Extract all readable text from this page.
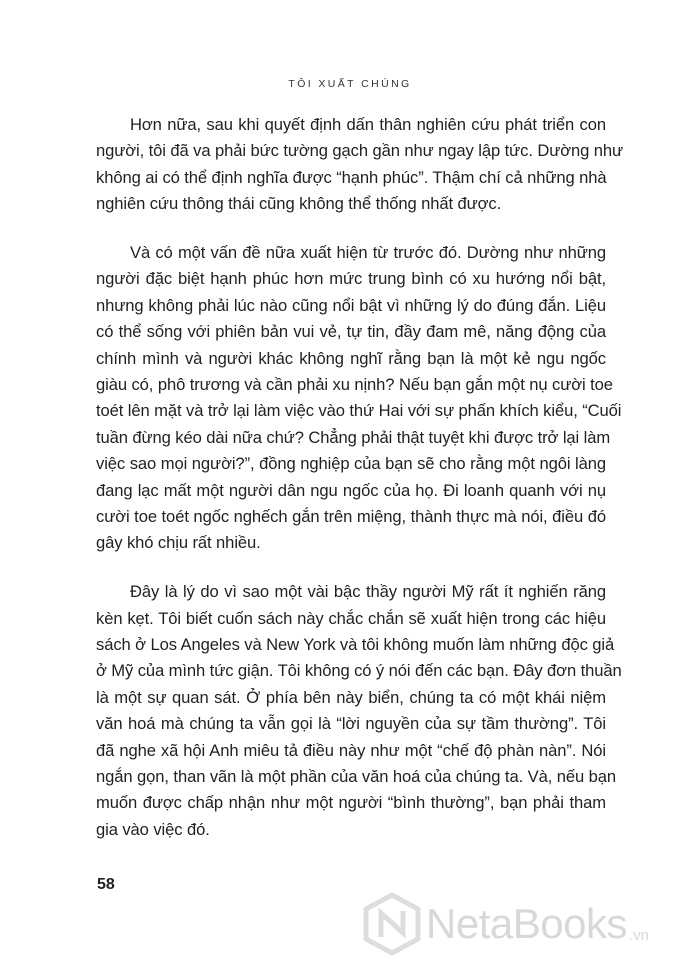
TÔI XUẤT CHÚNG
Hơn nữa, sau khi quyết định dấn thân nghiên cứu phát triển con
người, tôi đã va phải bức tường gạch gần như ngay lập tức. Dường như
không ai có thể định nghĩa được “hạnh phúc”. Thậm chí cả những nhà
nghiên cứu thông thái cũng không thể thống nhất được.
Và có một vấn đề nữa xuất hiện từ trước đó. Dường như những
người đặc biệt hạnh phúc hơn mức trung bình có xu hướng nổi bật,
nhưng không phải lúc nào cũng nổi bật vì những lý do đúng đắn. Liệu
có thể sống với phiên bản vui vẻ, tự tin, đầy đam mê, năng động của
chính mình và người khác không nghĩ rằng bạn là một kẻ ngu ngốc
giàu có, phô trương và cần phải xu nịnh? Nếu bạn gắn một nụ cười toe
toét lên mặt và trở lại làm việc vào thứ Hai với sự phấn khích kiểu, “Cuối
tuần đừng kéo dài nữa chứ? Chẳng phải thật tuyệt khi được trở lại làm
việc sao mọi người?”, đồng nghiệp của bạn sẽ cho rằng một ngôi làng
đang lạc mất một người dân ngu ngốc của họ. Đi loanh quanh với nụ
cười toe toét ngốc nghếch gắn trên miệng, thành thực mà nói, điều đó
gây khó chịu rất nhiều.
Đây là lý do vì sao một vài bậc thầy người Mỹ rất ít nghiến răng
kèn kẹt. Tôi biết cuốn sách này chắc chắn sẽ xuất hiện trong các hiệu
sách ở Los Angeles và New York và tôi không muốn làm những độc giả
ở Mỹ của mình tức giận. Tôi không có ý nói đến các bạn. Đây đơn thuần
là một sự quan sát. Ở phía bên này biển, chúng ta có một khái niệm
văn hoá mà chúng ta vẫn gọi là “lời nguyền của sự tầm thường”. Tôi
đã nghe xã hội Anh miêu tả điều này như một “chế độ phàn nàn”. Nói
ngắn gọn, than vãn là một phần của văn hoá của chúng ta. Và, nếu bạn
muốn được chấp nhận như một người “bình thường”, bạn phải tham
gia vào việc đó.
58
NetaBooks .vn
